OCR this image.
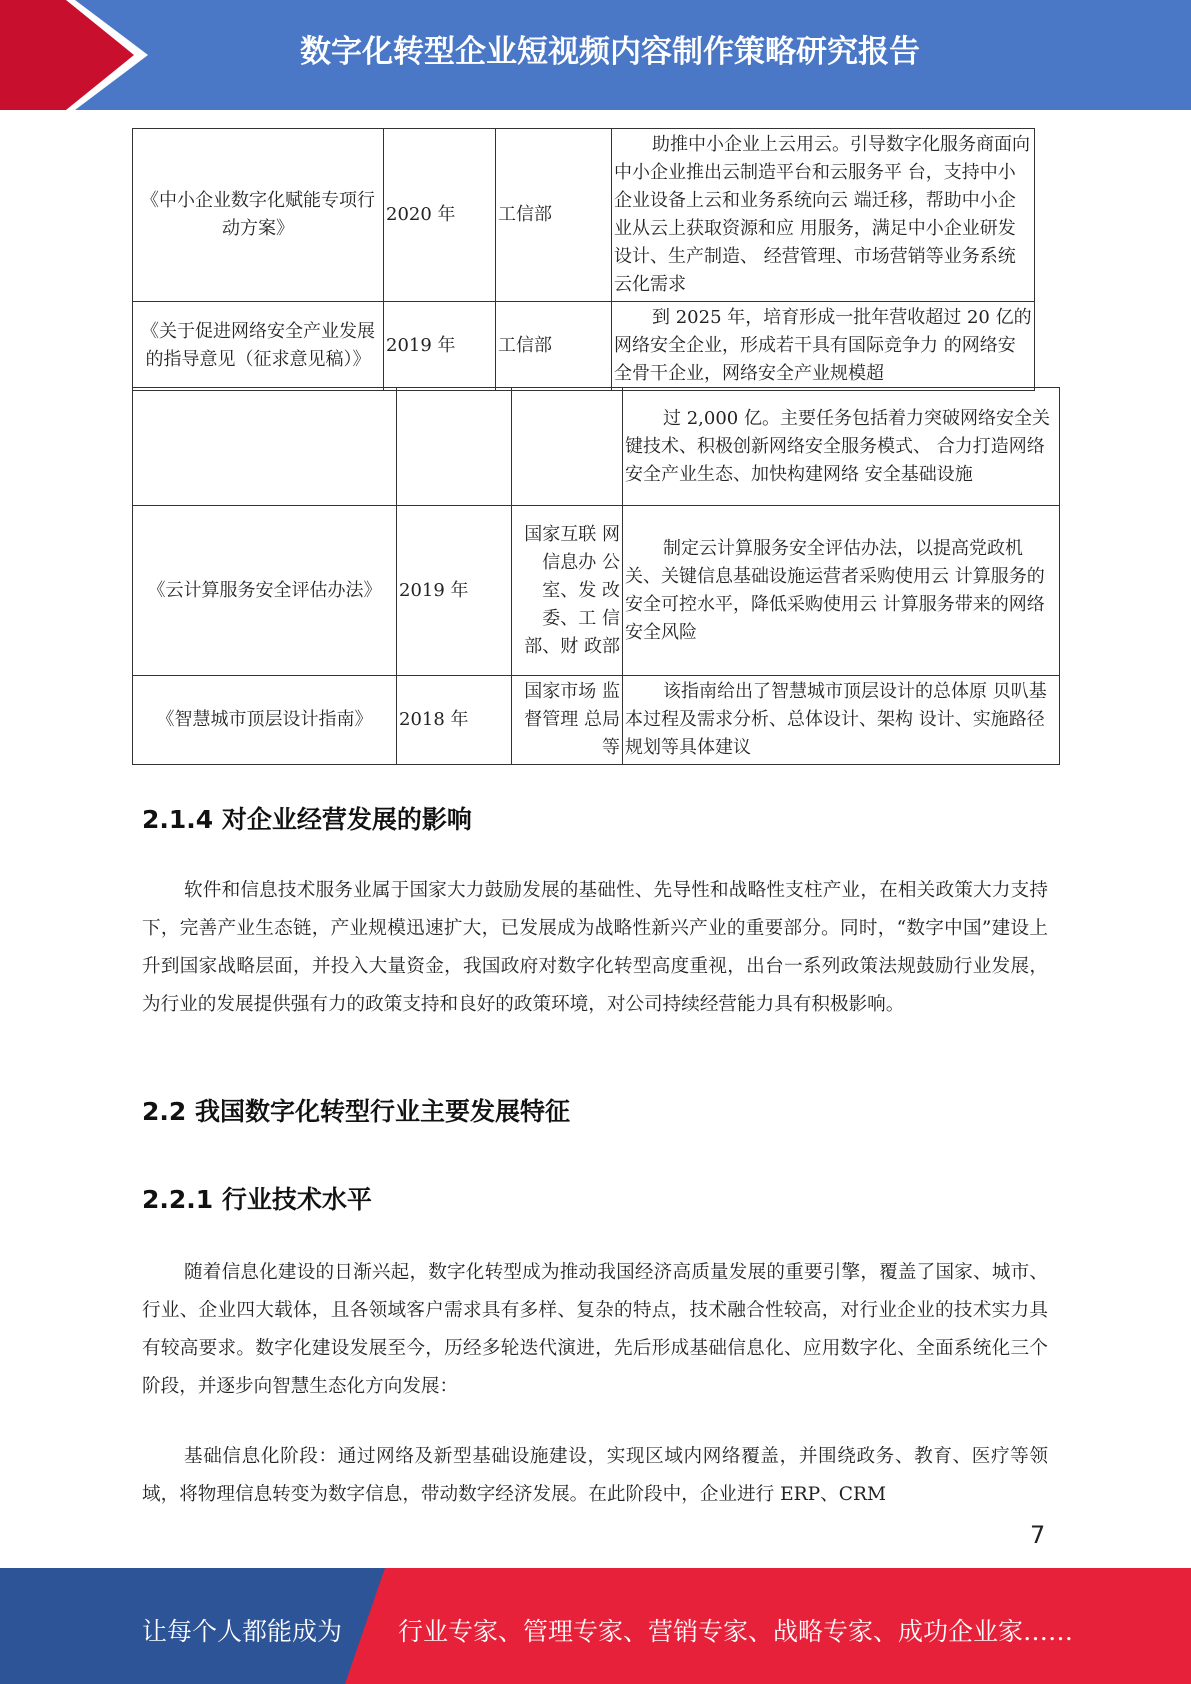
数字化转型企业短视频内容制作策略研究报告
《中小企业数字化赋能专项行动方案》	2020 年	工信部	助推中小企业上云用云。引导数字化服务商面向中小企业推出云制造平台和云服务平 台，支持中小企业设备上云和业务系统向云 端迁移，帮助中小企业从云上获取资源和应 用服务，满足中小企业研发设计、生产制造、 经营管理、市场营销等业务系统云化需求
《关于促进网络安全产业发展的指导意见（征求意见稿）》	2019 年	工信部	到 2025 年，培育形成一批年营收超过 20 亿的网络安全企业，形成若干具有国际竞争力 的网络安全骨干企业，网络安全产业规模超
			过 2,000 亿。主要任务包括着力突破网络安全关键技术、积极创新网络安全服务模式、 合力打造网络安全产业生态、加快构建网络 安全基础设施
《云计算服务安全评估办法》	2019 年	国家互联 网信息办 公室、发 改委、工 信部、财 政部	制定云计算服务安全评估办法，以提高党政机关、关键信息基础设施运营者采购使用云 计算服务的安全可控水平，降低采购使用云 计算服务带来的网络安全风险
《智慧城市顶层设计指南》	2018 年	国家市场 监督管理 总局等	该指南给出了智慧城市顶层设计的总体原 贝叭基本过程及需求分析、总体设计、架构 设计、实施路径规划等具体建议
2.1.4 对企业经营发展的影响

软件和信息技术服务业属于国家大力鼓励发展的基础性、先导性和战略性支柱产业，在相关政策大力支持下，完善产业生态链，产业规模迅速扩大，已发展成为战略性新兴产业的重要部分。同时，“数字中国”建设上升到国家战略层面，并投入大量资金，我国政府对数字化转型高度重视，出台一系列政策法规鼓励行业发展，为行业的发展提供强有力的政策支持和良好的政策环境，对公司持续经营能力具有积极影响。

2.2 我国数字化转型行业主要发展特征
2.2.1 行业技术水平

随着信息化建设的日渐兴起，数字化转型成为推动我国经济高质量发展的重要引擎，覆盖了国家、城市、行业、企业四大载体，且各领域客户需求具有多样、复杂的特点，技术融合性较高，对行业企业的技术实力具有较高要求。数字化建设发展至今，历经多轮迭代演进，先后形成基础信息化、应用数字化、全面系统化三个阶段，并逐步向智慧生态化方向发展：

基础信息化阶段：通过网络及新型基础设施建设，实现区域内网络覆盖，并围绕政务、教育、医疗等领域，将物理信息转变为数字信息，带动数字经济发展。在此阶段中，企业进行 ERP、CRM

7
让每个人都能成为 行业专家、管理专家、营销专家、战略专家、成功企业家……
